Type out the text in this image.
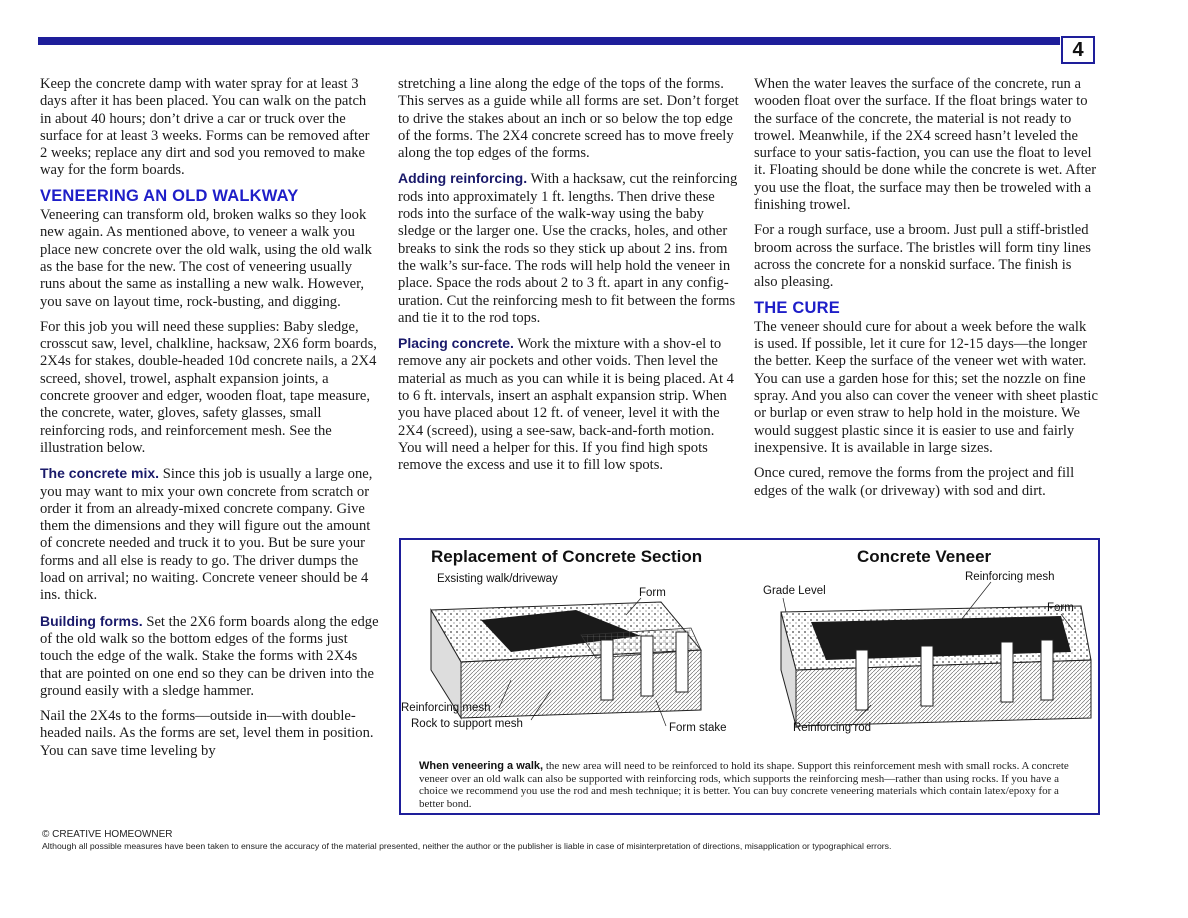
4

Keep the concrete damp with water spray for at least 3 days after it has been placed. You can walk on the patch in about 40 hours; don’t drive a car or truck over the surface for at least 3 weeks. Forms can be removed after 2 weeks; replace any dirt and sod you removed to make way for the form boards.

VENEERING AN OLD WALKWAY

Veneering can transform old, broken walks so they look new again. As mentioned above, to veneer a walk you place new concrete over the old walk, using the old walk as the base for the new. The cost of veneering usually runs about the same as installing a new walk. However, you save on layout time, rock-busting, and digging.

For this job you will need these supplies: Baby sledge, crosscut saw, level, chalkline, hacksaw, 2X6 form boards, 2X4s for stakes, double-headed 10d concrete nails, a 2X4 screed, shovel, trowel, asphalt expansion joints, a concrete groover and edger, wooden float, tape measure, the concrete, water, gloves, safety glasses, small reinforcing rods, and reinforcement mesh. See the illustration below.

The concrete mix. Since this job is usually a large one, you may want to mix your own concrete from scratch or order it from an already-mixed concrete company. Give them the dimensions and they will figure out the amount of concrete needed and truck it to you. But be sure your forms and all else is ready to go. The driver dumps the load on arrival; no waiting. Concrete veneer should be 4 ins. thick.

Building forms. Set the 2X6 form boards along the edge of the old walk so the bottom edges of the forms just touch the edge of the walk. Stake the forms with 2X4s that are pointed on one end so they can be driven into the ground easily with a sledge hammer.

Nail the 2X4s to the forms—outside in—with double-headed nails. As the forms are set, level them in position. You can save time leveling by

stretching a line along the edge of the tops of the forms. This serves as a guide while all forms are set. Don’t forget to drive the stakes about an inch or so below the top edge of the forms. The 2X4 concrete screed has to move freely along the top edges of the forms.

Adding reinforcing. With a hacksaw, cut the reinforcing rods into approximately 1 ft. lengths. Then drive these rods into the surface of the walk-way using the baby sledge or the larger one. Use the cracks, holes, and other breaks to sink the rods so they stick up about 2 ins. from the walk’s sur-face. The rods will help hold the veneer in place. Space the rods about 2 to 3 ft. apart in any config-uration. Cut the reinforcing mesh to fit between the forms and tie it to the rod tops.

Placing concrete. Work the mixture with a shov-el to remove any air pockets and other voids. Then level the material as much as you can while it is being placed. At 4 to 6 ft. intervals, insert an asphalt expansion strip. When you have placed about 12 ft. of veneer, level it with the 2X4 (screed), using a see-saw, back-and-forth motion. You will need a helper for this. If you find high spots remove the excess and use it to fill low spots.

When the water leaves the surface of the concrete, run a wooden float over the surface. If the float brings water to the surface of the concrete, the material is not ready to trowel. Meanwhile, if the 2X4 screed hasn’t leveled the surface to your satis-faction, you can use the float to level it. Floating should be done while the concrete is wet. After you use the float, the surface may then be troweled with a finishing trowel.

For a rough surface, use a broom. Just pull a stiff-bristled broom across the surface. The bristles will form tiny lines across the concrete for a nonskid surface. The finish is also pleasing.

THE CURE

The veneer should cure for about a week before the walk is used. If possible, let it cure for 12-15 days—the longer the better. Keep the surface of the veneer wet with water. You can use a garden hose for this; set the nozzle on fine spray. And you also can cover the veneer with sheet plastic or burlap or even straw to help hold in the moisture. We would suggest plastic since it is easier to use and fairly inexpensive. It is available in large sizes.

Once cured, remove the forms from the project and fill edges of the walk (or driveway) with sod and dirt.

Replacement of Concrete Section	Concrete Veneer
Exsisting walk/driveway
Form
Reinforcing mesh
Rock to support mesh	Form stake
Grade Level
Reinforcing mesh
Form
Reinforcing rod
When veneering a walk, the new area will need to be reinforced to hold its shape. Support this reinforcement mesh with small rocks. A concrete veneer over an old walk can also be supported with reinforcing rods, which supports the reinforcing mesh—rather than using rocks. If you have a choice we recommend you use the rod and mesh technique; it is better. You can buy concrete veneering materials which contain latex/epoxy for a better bond.
© CREATIVE HOMEOWNER
Although all possible measures have been taken to ensure the accuracy of the material presented, neither the author or the publisher is liable in case of misinterpretation of directions, misapplication or typographical errors.
